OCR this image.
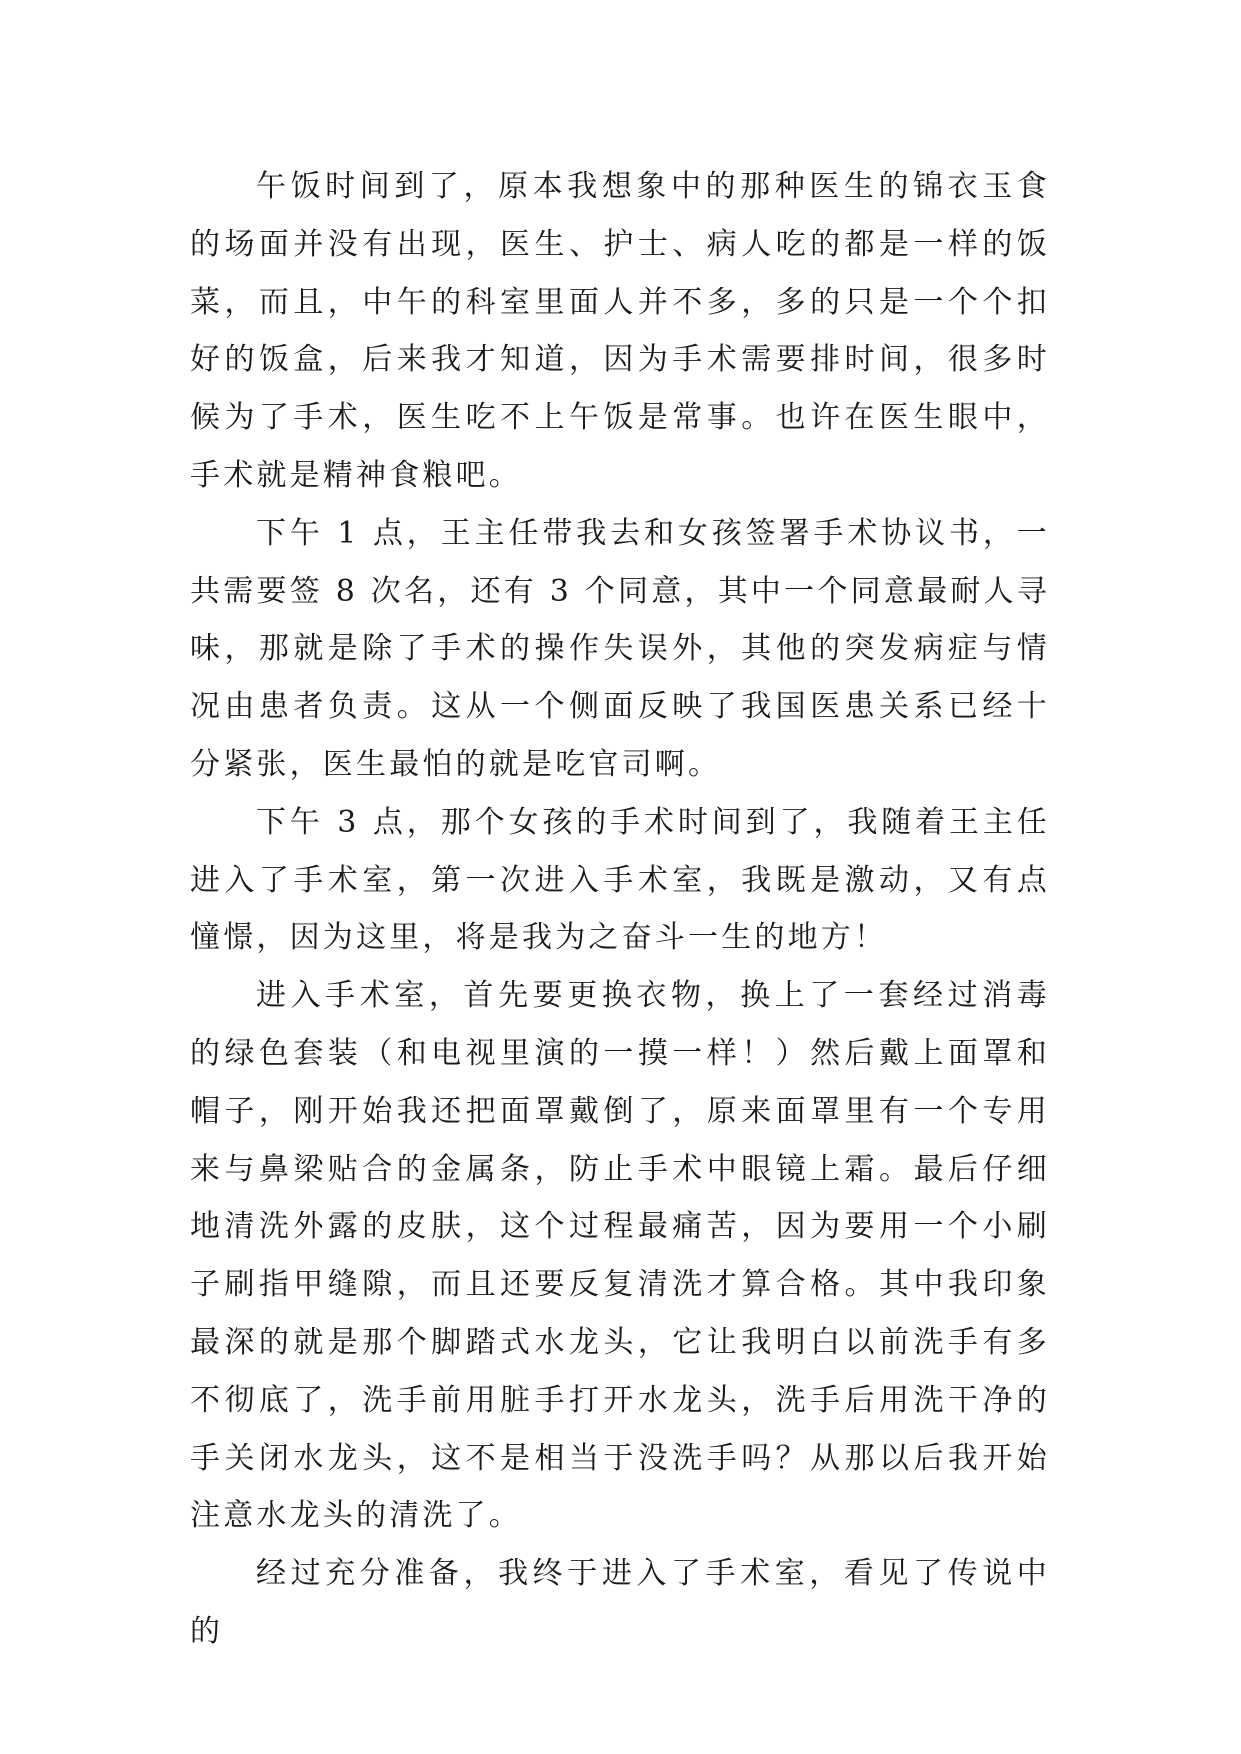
午饭时间到了，原本我想象中的那种医生的锦衣玉食的场面并没有出现，医生、护士、病人吃的都是一样的饭菜，而且，中午的科室里面人并不多，多的只是一个个扣好的饭盒，后来我才知道，因为手术需要排时间，很多时候为了手术，医生吃不上午饭是常事。也许在医生眼中，手术就是精神食粮吧。

下午 1 点，王主任带我去和女孩签署手术协议书，一共需要签 8 次名，还有 3 个同意，其中一个同意最耐人寻味，那就是除了手术的操作失误外，其他的突发病症与情况由患者负责。这从一个侧面反映了我国医患关系已经十分紧张，医生最怕的就是吃官司啊。

下午 3 点，那个女孩的手术时间到了，我随着王主任进入了手术室，第一次进入手术室，我既是激动，又有点憧憬，因为这里，将是我为之奋斗一生的地方！

进入手术室，首先要更换衣物，换上了一套经过消毒的绿色套装（和电视里演的一摸一样！）然后戴上面罩和帽子，刚开始我还把面罩戴倒了，原来面罩里有一个专用来与鼻梁贴合的金属条，防止手术中眼镜上霜。最后仔细地清洗外露的皮肤，这个过程最痛苦，因为要用一个小刷子刷指甲缝隙，而且还要反复清洗才算合格。其中我印象最深的就是那个脚踏式水龙头，它让我明白以前洗手有多不彻底了，洗手前用脏手打开水龙头，洗手后用洗干净的手关闭水龙头，这不是相当于没洗手吗？从那以后我开始注意水龙头的清洗了。

经过充分准备，我终于进入了手术室，看见了传说中的
